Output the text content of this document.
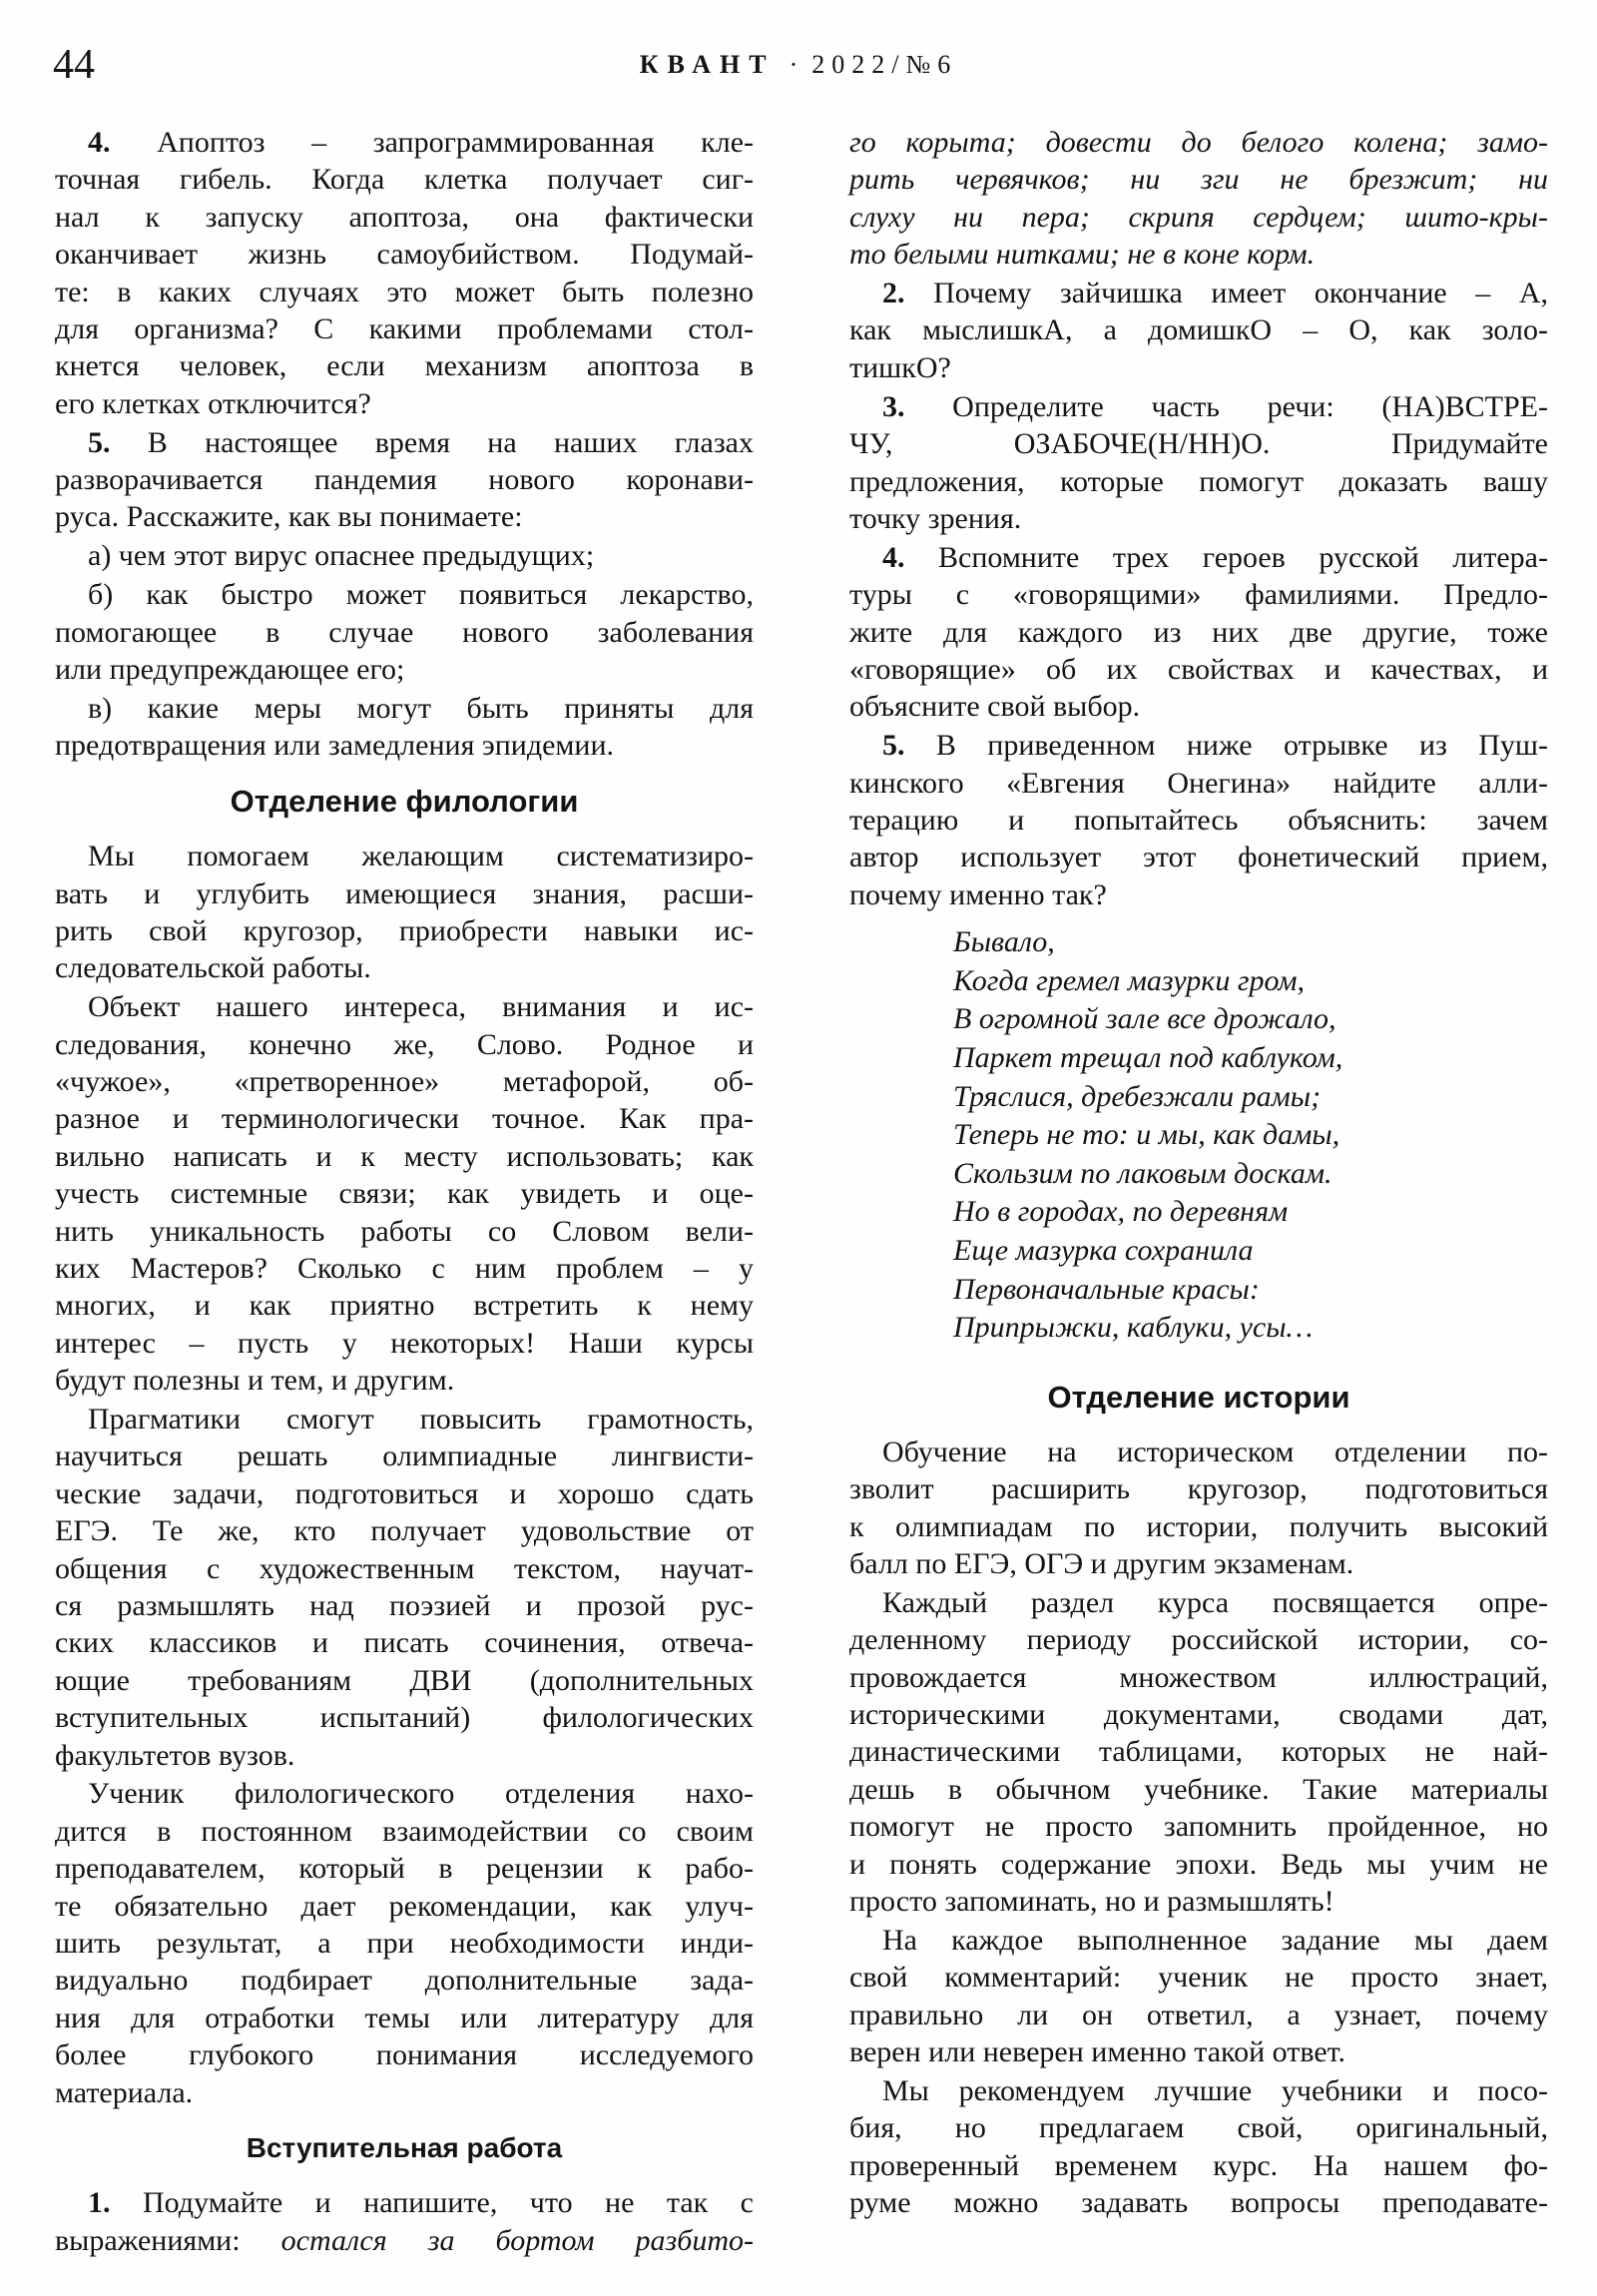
44	КВАНТ · 2022/№6
4. Апоптоз – запрограммированная кле-
точная гибель. Когда клетка получает сиг-
нал к запуску апоптоза, она фактически
оканчивает жизнь самоубийством. Подумай-
те: в каких случаях это может быть полезно
для организма? С какими проблемами стол-
кнется человек, если механизм апоптоза в
его клетках отключится?
5. В настоящее время на наших глазах
разворачивается пандемия нового коронави-
руса. Расскажите, как вы понимаете:
а) чем этот вирус опаснее предыдущих;
б) как быстро может появиться лекарство,
помогающее в случае нового заболевания
или предупреждающее его;
в) какие меры могут быть приняты для
предотвращения или замедления эпидемии.
Отделение филологии
Мы помогаем желающим систематизиро-
вать и углубить имеющиеся знания, расши-
рить свой кругозор, приобрести навыки ис-
следовательской работы.
Объект нашего интереса, внимания и ис-
следования, конечно же, Слово. Родное и
«чужое», «претворенное» метафорой, об-
разное и терминологически точное. Как пра-
вильно написать и к месту использовать; как
учесть системные связи; как увидеть и оце-
нить уникальность работы со Словом вели-
ких Мастеров? Сколько с ним проблем – у
многих, и как приятно встретить к нему
интерес – пусть у некоторых! Наши курсы
будут полезны и тем, и другим.
Прагматики смогут повысить грамотность,
научиться решать олимпиадные лингвисти-
ческие задачи, подготовиться и хорошо сдать
ЕГЭ. Те же, кто получает удовольствие от
общения с художественным текстом, научат-
ся размышлять над поэзией и прозой рус-
ских классиков и писать сочинения, отвеча-
ющие требованиям ДВИ (дополнительных
вступительных испытаний) филологических
факультетов вузов.
Ученик филологического отделения нахо-
дится в постоянном взаимодействии со своим
преподавателем, который в рецензии к рабо-
те обязательно дает рекомендации, как улуч-
шить результат, а при необходимости инди-
видуально подбирает дополнительные зада-
ния для отработки темы или литературу для
более глубокого понимания исследуемого
материала.
Вступительная работа
1. Подумайте и напишите, что не так с
выражениями: остался за бортом разбито-
го корыта; довести до белого колена; замо-
рить червячков; ни зги не брезжит; ни
слуху ни пера; скрипя сердцем; шито-кры-
то белыми нитками; не в коне корм.
2. Почему зайчишка имеет окончание – А,
как мыслишкА, а домишкО – О, как золо-
тишкО?
3. Определите часть речи: (НА)ВСТРЕ-
ЧУ, ОЗАБОЧЕ(Н/НН)О. Придумайте
предложения, которые помогут доказать вашу
точку зрения.
4. Вспомните трех героев русской литера-
туры с «говорящими» фамилиями. Предло-
жите для каждого из них две другие, тоже
«говорящие» об их свойствах и качествах, и
объясните свой выбор.
5. В приведенном ниже отрывке из Пуш-
кинского «Евгения Онегина» найдите алли-
терацию и попытайтесь объяснить: зачем
автор использует этот фонетический прием,
почему именно так?
Бывало,
Когда гремел мазурки гром,
В огромной зале все дрожало,
Паркет трещал под каблуком,
Тряслися, дребезжали рамы;
Теперь не то: и мы, как дамы,
Скользим по лаковым доскам.
Но в городах, по деревням
Еще мазурка сохранила
Первоначальные красы:
Припрыжки, каблуки, усы…
Отделение истории
Обучение на историческом отделении по-
зволит расширить кругозор, подготовиться
к олимпиадам по истории, получить высокий
балл по ЕГЭ, ОГЭ и другим экзаменам.
Каждый раздел курса посвящается опре-
деленному периоду российской истории, со-
провождается множеством иллюстраций,
историческими документами, сводами дат,
династическими таблицами, которых не най-
дешь в обычном учебнике. Такие материалы
помогут не просто запомнить пройденное, но
и понять содержание эпохи. Ведь мы учим не
просто запоминать, но и размышлять!
На каждое выполненное задание мы даем
свой комментарий: ученик не просто знает,
правильно ли он ответил, а узнает, почему
верен или неверен именно такой ответ.
Мы рекомендуем лучшие учебники и посо-
бия, но предлагаем свой, оригинальный,
проверенный временем курс. На нашем фо-
руме можно задавать вопросы преподавате-
